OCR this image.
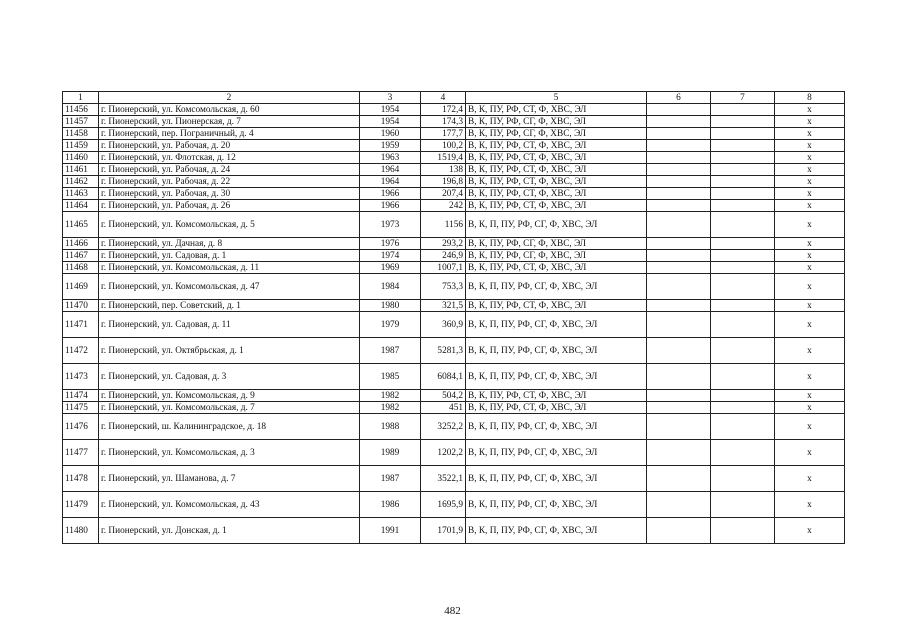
1	2	3	4	5	6	7	8
11456	г. Пионерский, ул. Комсомольская, д. 60	1954	172,4	В, К, ПУ, РФ, СТ, Ф, ХВС, ЭЛ			х
11457	г. Пионерский, ул. Пионерская, д. 7	1954	174,3	В, К, ПУ, РФ, СГ, Ф, ХВС, ЭЛ			х
11458	г. Пионерский, пер. Пограничный, д. 4	1960	177,7	В, К, ПУ, РФ, СГ, Ф, ХВС, ЭЛ			х
11459	г. Пионерский, ул. Рабочая, д. 20	1959	100,2	В, К, ПУ, РФ, СТ, Ф, ХВС, ЭЛ			х
11460	г. Пионерский, ул. Флотская, д. 12	1963	1519,4	В, К, ПУ, РФ, СТ, Ф, ХВС, ЭЛ			х
11461	г. Пионерский, ул. Рабочая, д. 24	1964	138	В, К, ПУ, РФ, СТ, Ф, ХВС, ЭЛ			х
11462	г. Пионерский, ул. Рабочая, д. 22	1964	196,8	В, К, ПУ, РФ, СТ, Ф, ХВС, ЭЛ			х
11463	г. Пионерский, ул. Рабочая, д. 30	1966	207,4	В, К, ПУ, РФ, СТ, Ф, ХВС, ЭЛ			х
11464	г. Пионерский, ул. Рабочая, д. 26	1966	242	В, К, ПУ, РФ, СТ, Ф, ХВС, ЭЛ			х
11465	г. Пионерский, ул. Комсомольская, д. 5	1973	1156	В, К, П, ПУ, РФ, СГ, Ф, ХВС, ЭЛ			х
11466	г. Пионерский, ул. Дачная, д. 8	1976	293,2	В, К, ПУ, РФ, СГ, Ф, ХВС, ЭЛ			х
11467	г. Пионерский, ул. Садовая, д. 1	1974	246,9	В, К, ПУ, РФ, СГ, Ф, ХВС, ЭЛ			х
11468	г. Пионерский, ул. Комсомольская, д. 11	1969	1007,1	В, К, ПУ, РФ, СТ, Ф, ХВС, ЭЛ			х
11469	г. Пионерский, ул. Комсомольская, д. 47	1984	753,3	В, К, П, ПУ, РФ, СГ, Ф, ХВС, ЭЛ			х
11470	г. Пионерский, пер. Советский, д. 1	1980	321,5	В, К, ПУ, РФ, СТ, Ф, ХВС, ЭЛ			х
11471	г. Пионерский, ул. Садовая, д. 11	1979	360,9	В, К, П, ПУ, РФ, СГ, Ф, ХВС, ЭЛ			х
11472	г. Пионерский, ул. Октябрьская, д. 1	1987	5281,3	В, К, П, ПУ, РФ, СГ, Ф, ХВС, ЭЛ			х
11473	г. Пионерский, ул. Садовая, д. 3	1985	6084,1	В, К, П, ПУ, РФ, СГ, Ф, ХВС, ЭЛ			х
11474	г. Пионерский, ул. Комсомольская, д. 9	1982	504,2	В, К, ПУ, РФ, СТ, Ф, ХВС, ЭЛ			х
11475	г. Пионерский, ул. Комсомольская, д. 7	1982	451	В, К, ПУ, РФ, СТ, Ф, ХВС, ЭЛ			х
11476	г. Пионерский, ш. Калининградское, д. 18	1988	3252,2	В, К, П, ПУ, РФ, СГ, Ф, ХВС, ЭЛ			х
11477	г. Пионерский, ул. Комсомольская, д. 3	1989	1202,2	В, К, П, ПУ, РФ, СГ, Ф, ХВС, ЭЛ			х
11478	г. Пионерский, ул. Шаманова, д. 7	1987	3522,1	В, К, П, ПУ, РФ, СГ, Ф, ХВС, ЭЛ			х
11479	г. Пионерский, ул. Комсомольская, д. 43	1986	1695,9	В, К, П, ПУ, РФ, СГ, Ф, ХВС, ЭЛ			х
11480	г. Пионерский, ул. Донская, д. 1	1991	1701,9	В, К, П, ПУ, РФ, СГ, Ф, ХВС, ЭЛ			х
482
